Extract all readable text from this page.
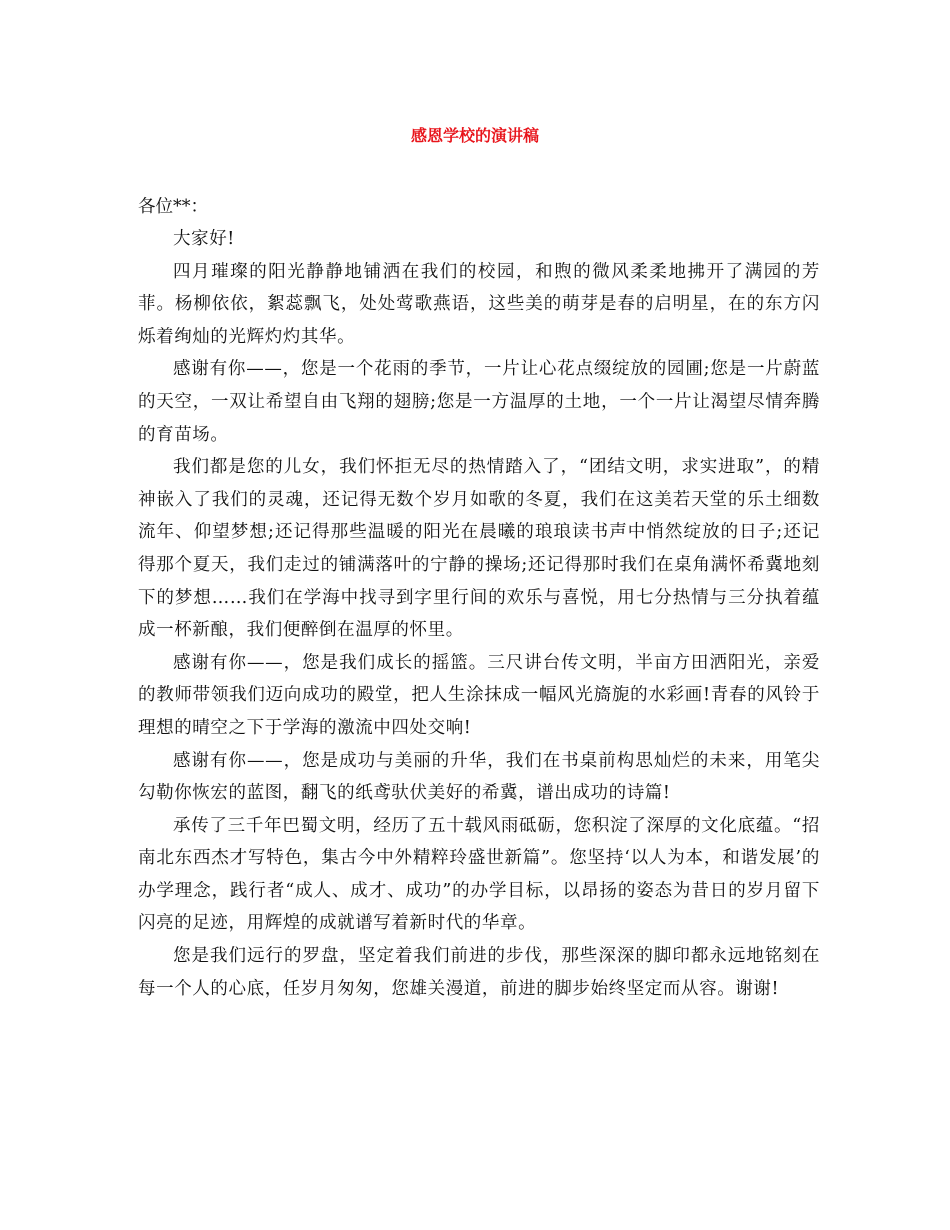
感恩学校的演讲稿

各位**：

大家好!

四月璀璨的阳光静静地铺洒在我们的校园，和煦的微风柔柔地拂开了满园的芳菲。杨柳依依，絮蕊飘飞，处处莺歌燕语，这些美的萌芽是春的启明星，在的东方闪烁着绚灿的光辉灼灼其华。

感谢有你——，您是一个花雨的季节，一片让心花点缀绽放的园圃;您是一片蔚蓝的天空，一双让希望自由飞翔的翅膀;您是一方温厚的土地，一个一片让渴望尽情奔腾的育苗场。

我们都是您的儿女，我们怀拒无尽的热情踏入了，“团结文明，求实进取”，的精神嵌入了我们的灵魂，还记得无数个岁月如歌的冬夏，我们在这美若天堂的乐土细数流年、仰望梦想;还记得那些温暖的阳光在晨曦的琅琅读书声中悄然绽放的日子;还记得那个夏天，我们走过的铺满落叶的宁静的操场;还记得那时我们在桌角满怀希冀地刻下的梦想……我们在学海中找寻到字里行间的欢乐与喜悦，用七分热情与三分执着蕴成一杯新酿，我们便醉倒在温厚的怀里。

感谢有你——，您是我们成长的摇篮。三尺讲台传文明，半亩方田洒阳光，亲爱的教师带领我们迈向成功的殿堂，把人生涂抹成一幅风光旖旎的水彩画!青春的风铃于理想的晴空之下于学海的激流中四处交响!

感谢有你——，您是成功与美丽的升华，我们在书桌前构思灿烂的未来，用笔尖勾勒你恢宏的蓝图，翻飞的纸鸢驮伏美好的希冀，谱出成功的诗篇!

承传了三千年巴蜀文明，经历了五十载风雨砥砺，您积淀了深厚的文化底蕴。“招南北东西杰才写特色，集古今中外精粹玲盛世新篇”。您坚持‘以人为本，和谐发展’的办学理念，践行者“成人、成才、成功”的办学目标，以昂扬的姿态为昔日的岁月留下闪亮的足迹，用辉煌的成就谱写着新时代的华章。

您是我们远行的罗盘，坚定着我们前进的步伐，那些深深的脚印都永远地铭刻在每一个人的心底，任岁月匆匆，您雄关漫道，前进的脚步始终坚定而从容。谢谢!
